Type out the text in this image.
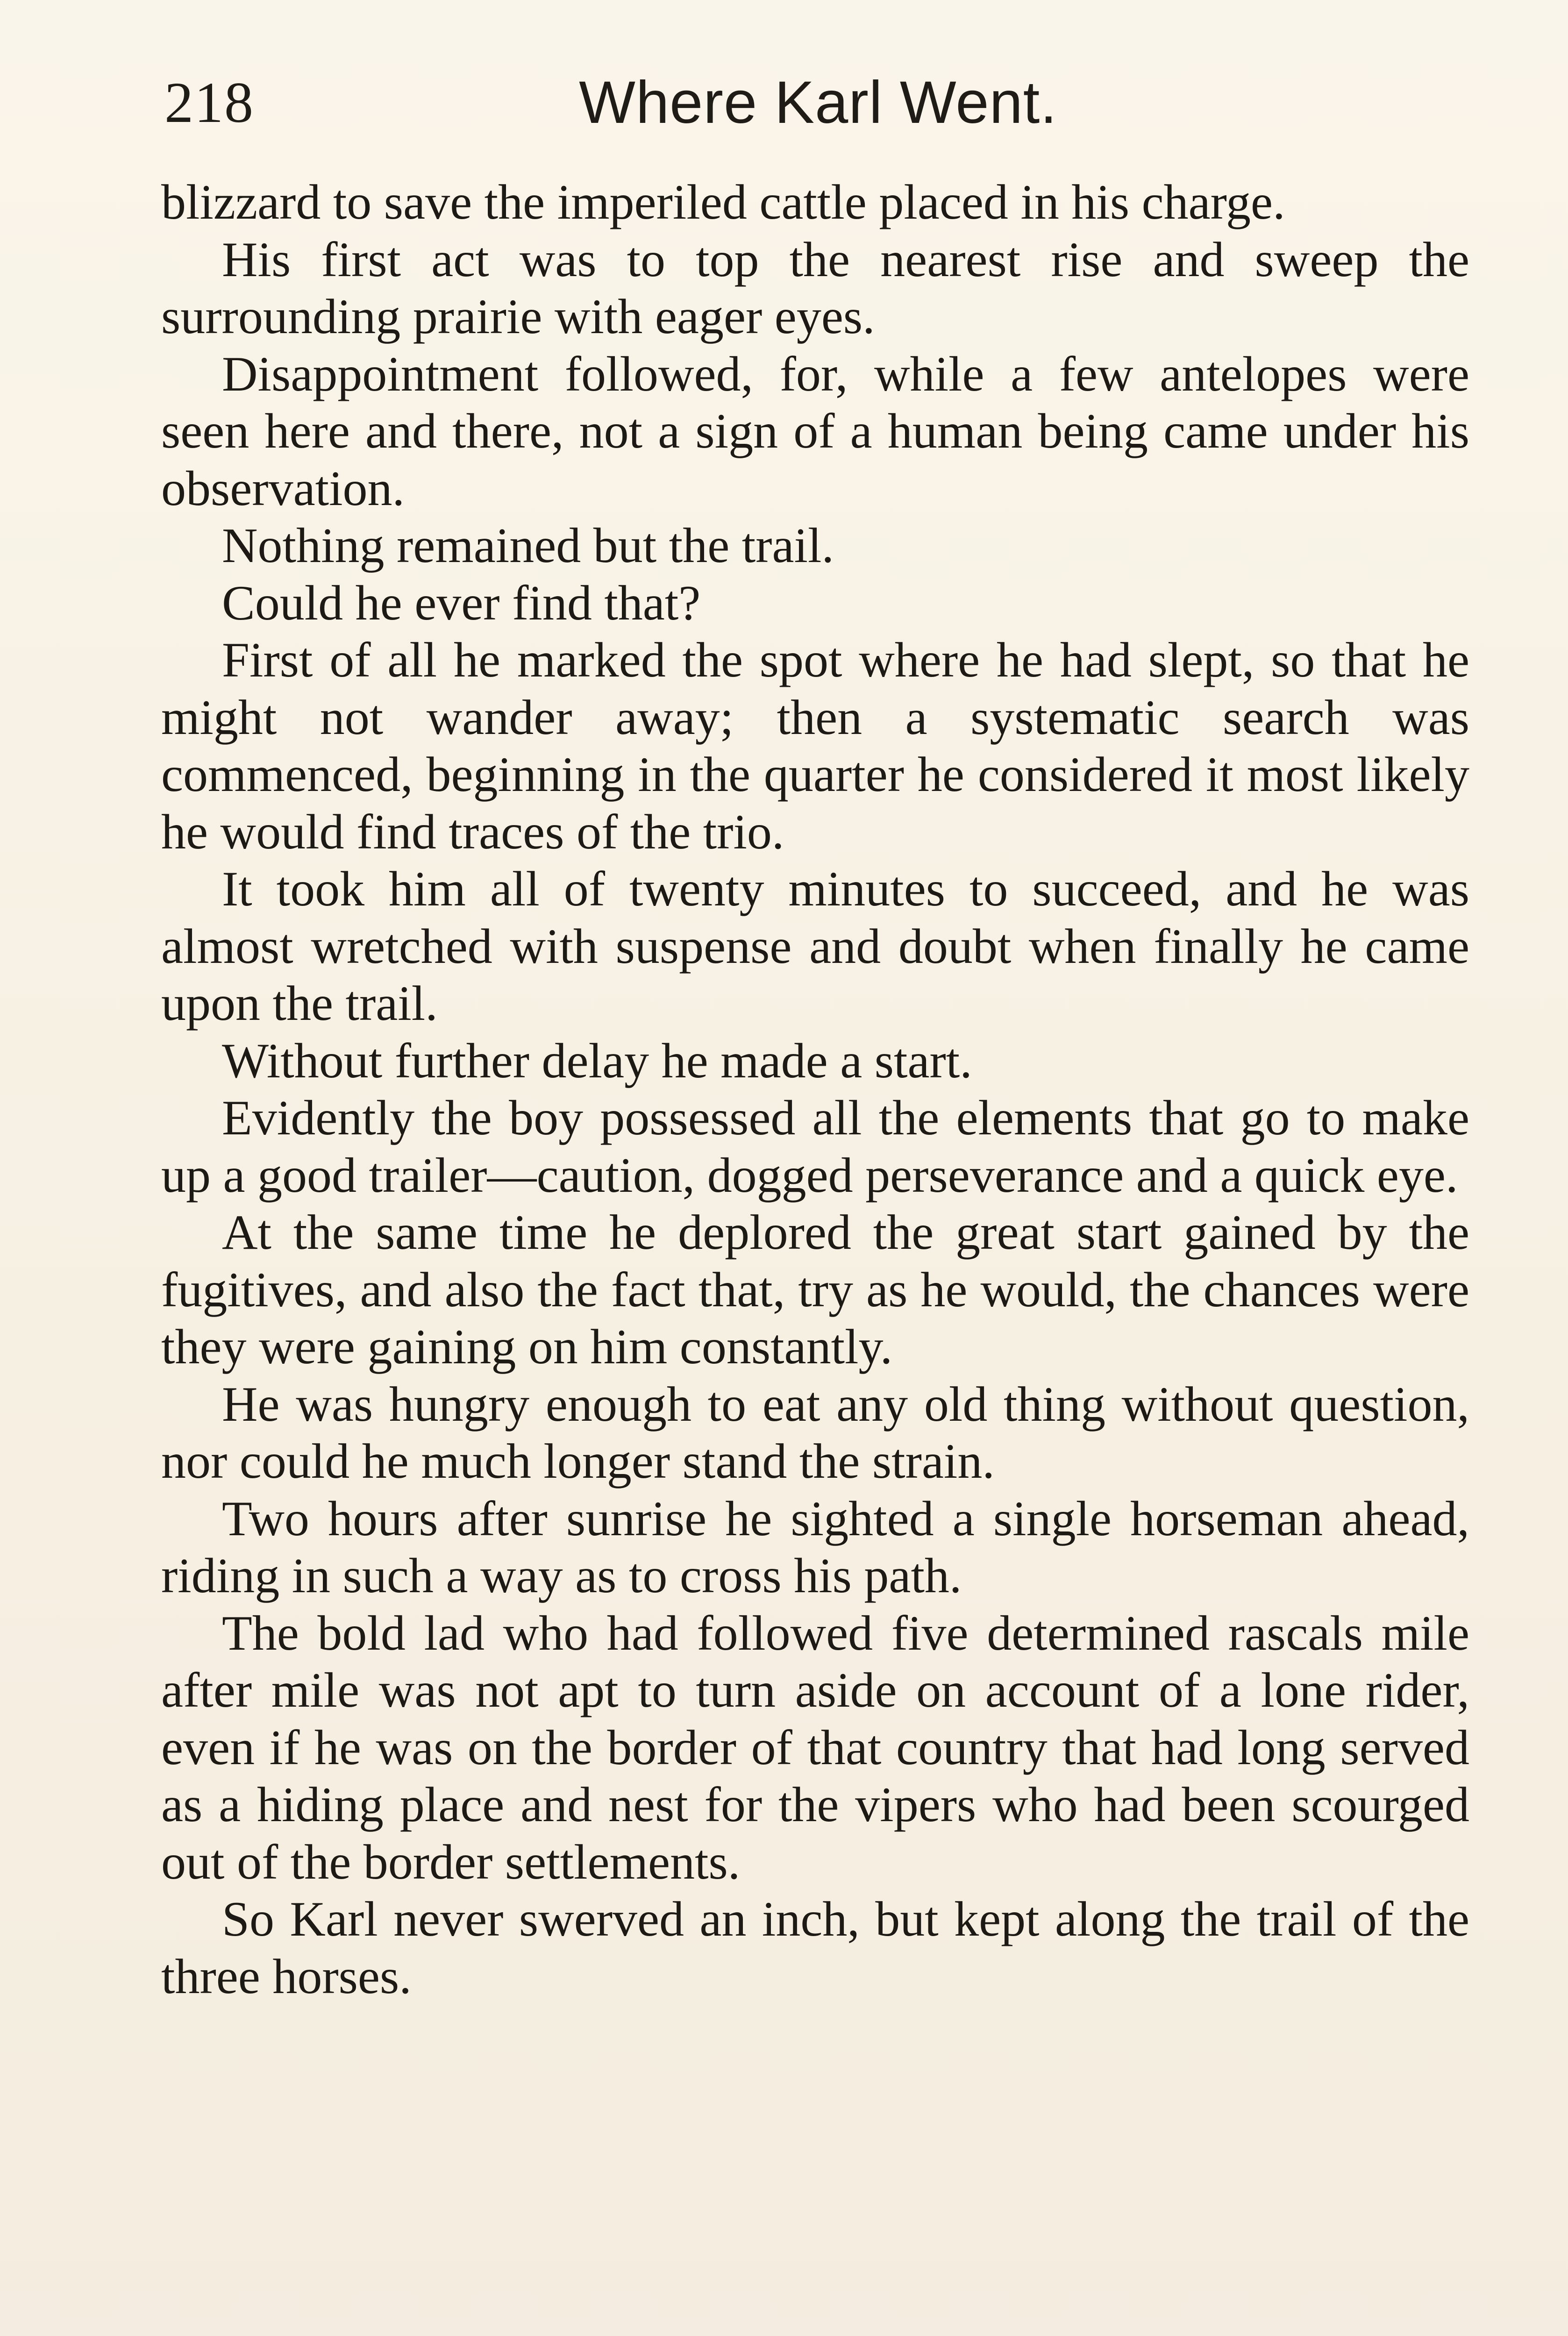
218	Where Karl Went.

blizzard to save the imperiled cattle placed in his charge.

His first act was to top the nearest rise and sweep the surrounding prairie with eager eyes.

Disappointment followed, for, while a few antelopes were seen here and there, not a sign of a human being came under his observation.

Nothing remained but the trail.

Could he ever find that?

First of all he marked the spot where he had slept, so that he might not wander away; then a systematic search was commenced, beginning in the quarter he considered it most likely he would find traces of the trio.

It took him all of twenty minutes to succeed, and he was almost wretched with suspense and doubt when finally he came upon the trail.

Without further delay he made a start.

Evidently the boy possessed all the elements that go to make up a good trailer—caution, dogged perseverance and a quick eye.

At the same time he deplored the great start gained by the fugitives, and also the fact that, try as he would, the chances were they were gaining on him constantly.

He was hungry enough to eat any old thing without question, nor could he much longer stand the strain.

Two hours after sunrise he sighted a single horseman ahead, riding in such a way as to cross his path.

The bold lad who had followed five determined rascals mile after mile was not apt to turn aside on account of a lone rider, even if he was on the border of that country that had long served as a hiding place and nest for the vipers who had been scourged out of the border settlements.

So Karl never swerved an inch, but kept along the trail of the three horses.
